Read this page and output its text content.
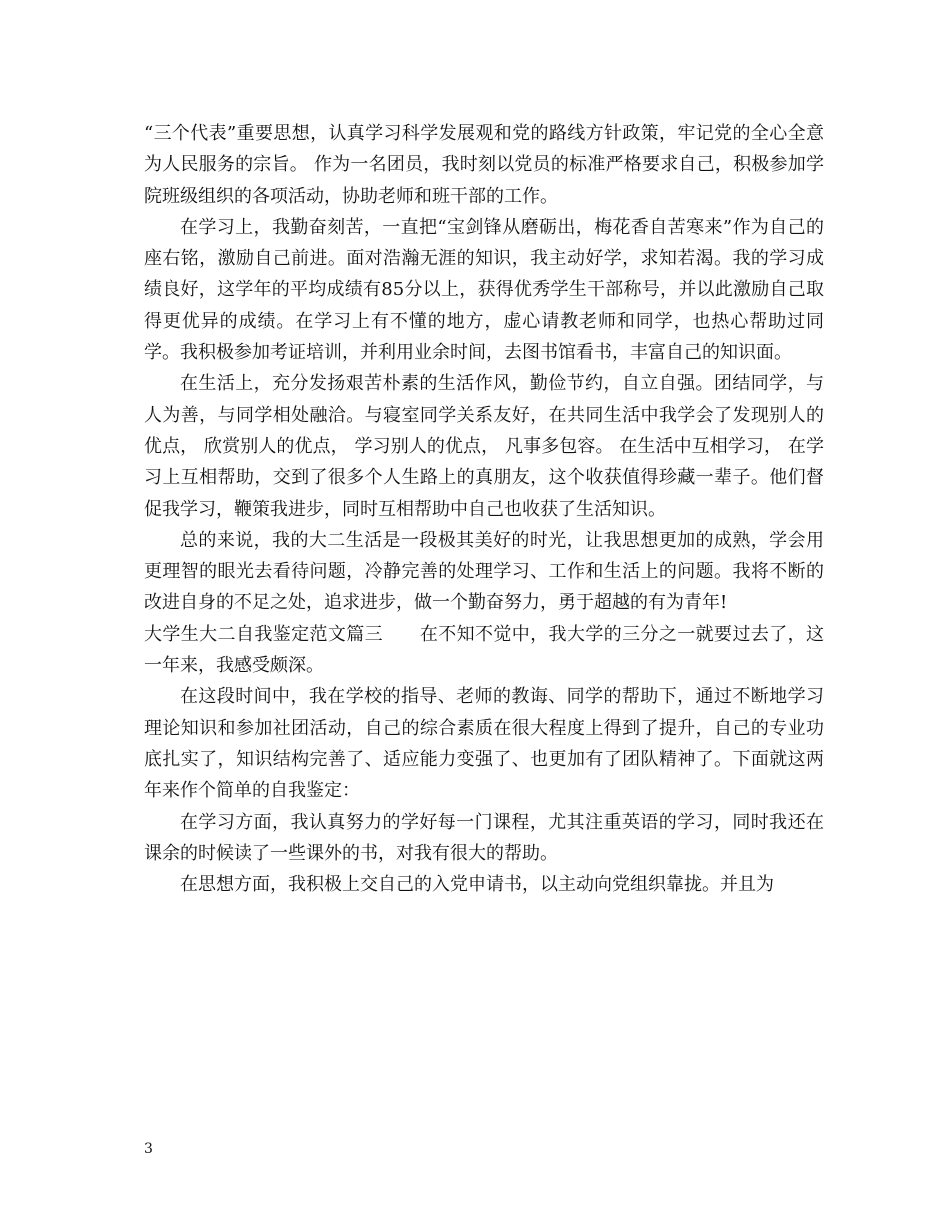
“三个代表”重要思想，认真学习科学发展观和党的路线方针政策，牢记党的全心全意为人民服务的宗旨。 作为一名团员，我时刻以党员的标准严格要求自己，积极参加学院班级组织的各项活动，协助老师和班干部的工作。

在学习上，我勤奋刻苦，一直把“宝剑锋从磨砺出，梅花香自苦寒来”作为自己的座右铭，激励自己前进。面对浩瀚无涯的知识，我主动好学，求知若渴。我的学习成绩良好，这学年的平均成绩有85分以上，获得优秀学生干部称号，并以此激励自己取得更优异的成绩。在学习上有不懂的地方，虚心请教老师和同学，也热心帮助过同学。我积极参加考证培训，并利用业余时间，去图书馆看书，丰富自己的知识面。

在生活上，充分发扬艰苦朴素的生活作风，勤俭节约，自立自强。团结同学，与人为善，与同学相处融洽。与寝室同学关系友好，在共同生活中我学会了发现别人的优点， 欣赏别人的优点， 学习别人的优点， 凡事多包容。 在生活中互相学习， 在学习上互相帮助，交到了很多个人生路上的真朋友，这个收获值得珍藏一辈子。他们督促我学习，鞭策我进步，同时互相帮助中自己也收获了生活知识。

总的来说，我的大二生活是一段极其美好的时光，让我思想更加的成熟，学会用更理智的眼光去看待问题，冷静完善的处理学习、工作和生活上的问题。我将不断的改进自身的不足之处，追求进步，做一个勤奋努力，勇于超越的有为青年!

大学生大二自我鉴定范文篇三　　在不知不觉中，我大学的三分之一就要过去了，这一年来，我感受颇深。

在这段时间中，我在学校的指导、老师的教诲、同学的帮助下，通过不断地学习理论知识和参加社团活动，自己的综合素质在很大程度上得到了提升，自己的专业功底扎实了，知识结构完善了、适应能力变强了、也更加有了团队精神了。下面就这两年来作个简单的自我鉴定：

在学习方面，我认真努力的学好每一门课程，尤其注重英语的学习，同时我还在课余的时候读了一些课外的书，对我有很大的帮助。

在思想方面，我积极上交自己的入党申请书，以主动向党组织靠拢。并且为

3
